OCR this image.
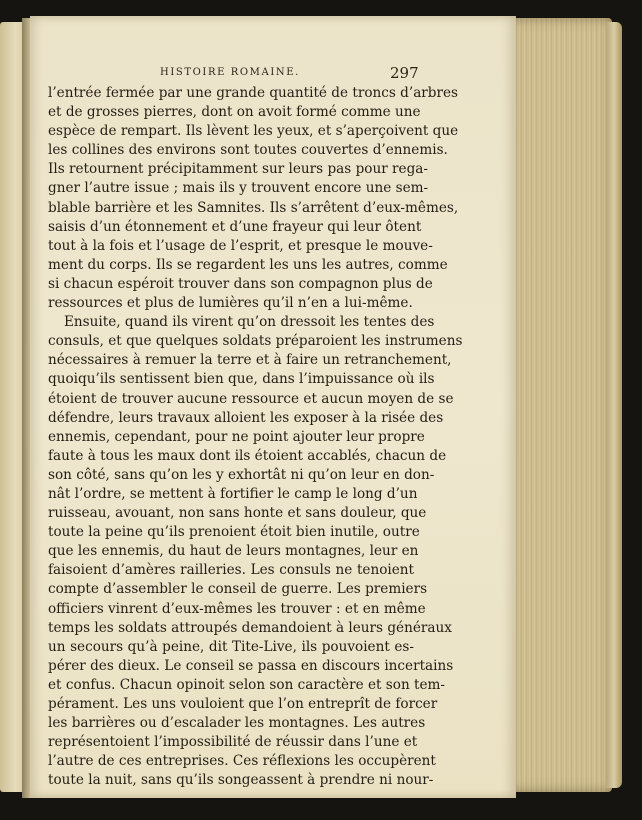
HISTOIRE ROMAINE.	297
l’entrée fermée par une grande quantité de troncs d’arbres
et de grosses pierres, dont on avoit formé comme une
espèce de rempart. Ils lèvent les yeux, et s’aperçoivent que
les collines des environs sont toutes couvertes d’ennemis.
Ils retournent précipitamment sur leurs pas pour rega-
gner l’autre issue ; mais ils y trouvent encore une sem-
blable barrière et les Samnites. Ils s’arrêtent d’eux-mêmes,
saisis d’un étonnement et d’une frayeur qui leur ôtent
tout à la fois et l’usage de l’esprit, et presque le mouve-
ment du corps. Ils se regardent les uns les autres, comme
si chacun espéroit trouver dans son compagnon plus de
ressources et plus de lumières qu’il n’en a lui-même.
Ensuite, quand ils virent qu’on dressoit les tentes des
consuls, et que quelques soldats préparoient les instrumens
nécessaires à remuer la terre et à faire un retranchement,
quoiqu’ils sentissent bien que, dans l’impuissance où ils
étoient de trouver aucune ressource et aucun moyen de se
défendre, leurs travaux alloient les exposer à la risée des
ennemis, cependant, pour ne point ajouter leur propre
faute à tous les maux dont ils étoient accablés, chacun de
son côté, sans qu’on les y exhortât ni qu’on leur en don-
nât l’ordre, se mettent à fortifier le camp le long d’un
ruisseau, avouant, non sans honte et sans douleur, que
toute la peine qu’ils prenoient étoit bien inutile, outre
que les ennemis, du haut de leurs montagnes, leur en
faisoient d’amères railleries. Les consuls ne tenoient
compte d’assembler le conseil de guerre. Les premiers
officiers vinrent d’eux-mêmes les trouver : et en même
temps les soldats attroupés demandoient à leurs généraux
un secours qu’à peine, dit Tite-Live, ils pouvoient es-
pérer des dieux. Le conseil se passa en discours incertains
et confus. Chacun opinoit selon son caractère et son tem-
pérament. Les uns vouloient que l’on entreprît de forcer
les barrières ou d’escalader les montagnes. Les autres
représentoient l’impossibilité de réussir dans l’une et
l’autre de ces entreprises. Ces réflexions les occupèrent
toute la nuit, sans qu’ils songeassent à prendre ni nour-
